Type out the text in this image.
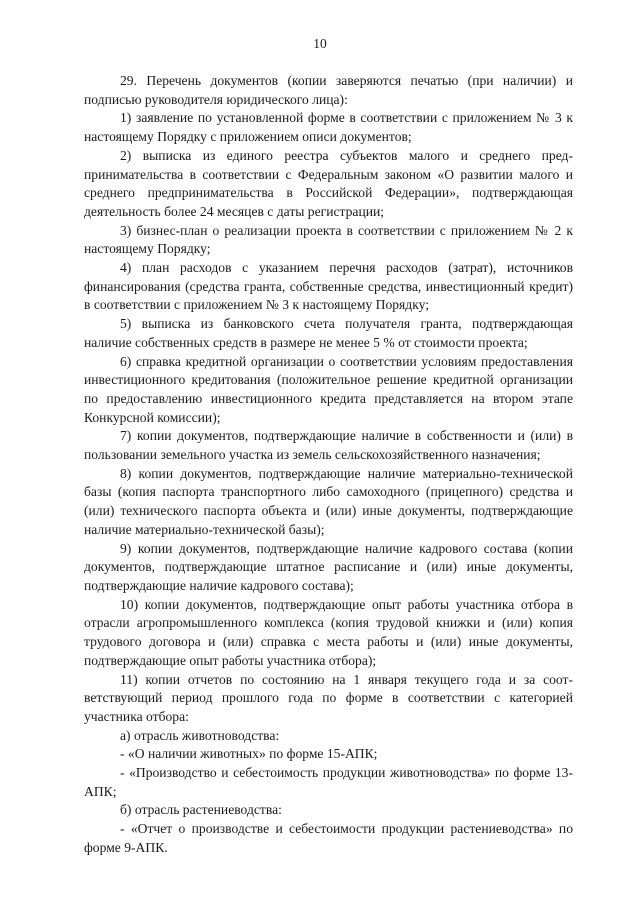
10

29. Перечень документов (копии заверяются печатью (при наличии) и подписью руководителя юридического лица):

1) заявление по установленной форме в соответствии с приложением № 3 к настоящему Порядку с приложением описи документов;

2) выписка из единого реестра субъектов малого и среднего предпринимательства в соответствии с Федеральным законом «О развитии малого и среднего предпринимательства в Российской Федерации», подтверждающая деятельность более 24 месяцев с даты регистрации;

3) бизнес-план о реализации проекта в соответствии с приложением № 2 к настоящему Порядку;

4) план расходов с указанием перечня расходов (затрат), источников финансирования (средства гранта, собственные средства, инвестиционный кредит) в соответствии с приложением № 3 к настоящему Порядку;

5) выписка из банковского счета получателя гранта, подтверждающая наличие собственных средств в размере не менее 5 % от стоимости проекта;

6) справка кредитной организации о соответствии условиям предоставления инвестиционного кредитования (положительное решение кредитной организации по предоставлению инвестиционного кредита представляется на втором этапе Конкурсной комиссии);

7) копии документов, подтверждающие наличие в собственности и (или) в пользовании земельного участка из земель сельскохозяйственного назначения;

8) копии документов, подтверждающие наличие материально-технической базы (копия паспорта транспортного либо самоходного (прицепного) средства и (или) технического паспорта объекта и (или) иные документы, подтверждающие наличие материально-технической базы);

9) копии документов, подтверждающие наличие кадрового состава (копии документов, подтверждающие штатное расписание и (или) иные документы, подтверждающие наличие кадрового состава);

10) копии документов, подтверждающие опыт работы участника отбора в отрасли агропромышленного комплекса (копия трудовой книжки и (или) копия трудового договора и (или) справка с места работы и (или) иные документы, подтверждающие опыт работы участника отбора);

11) копии отчетов по состоянию на 1 января текущего года и за соответствующий период прошлого года по форме в соответствии с категорией участника отбора:

а) отрасль животноводства:

- «О наличии животных» по форме 15-АПК;

- «Производство и себестоимость продукции животноводства» по форме 13-АПК;

б) отрасль растениеводства:

- «Отчет о производстве и себестоимости продукции растениеводства» по форме 9-АПК.
